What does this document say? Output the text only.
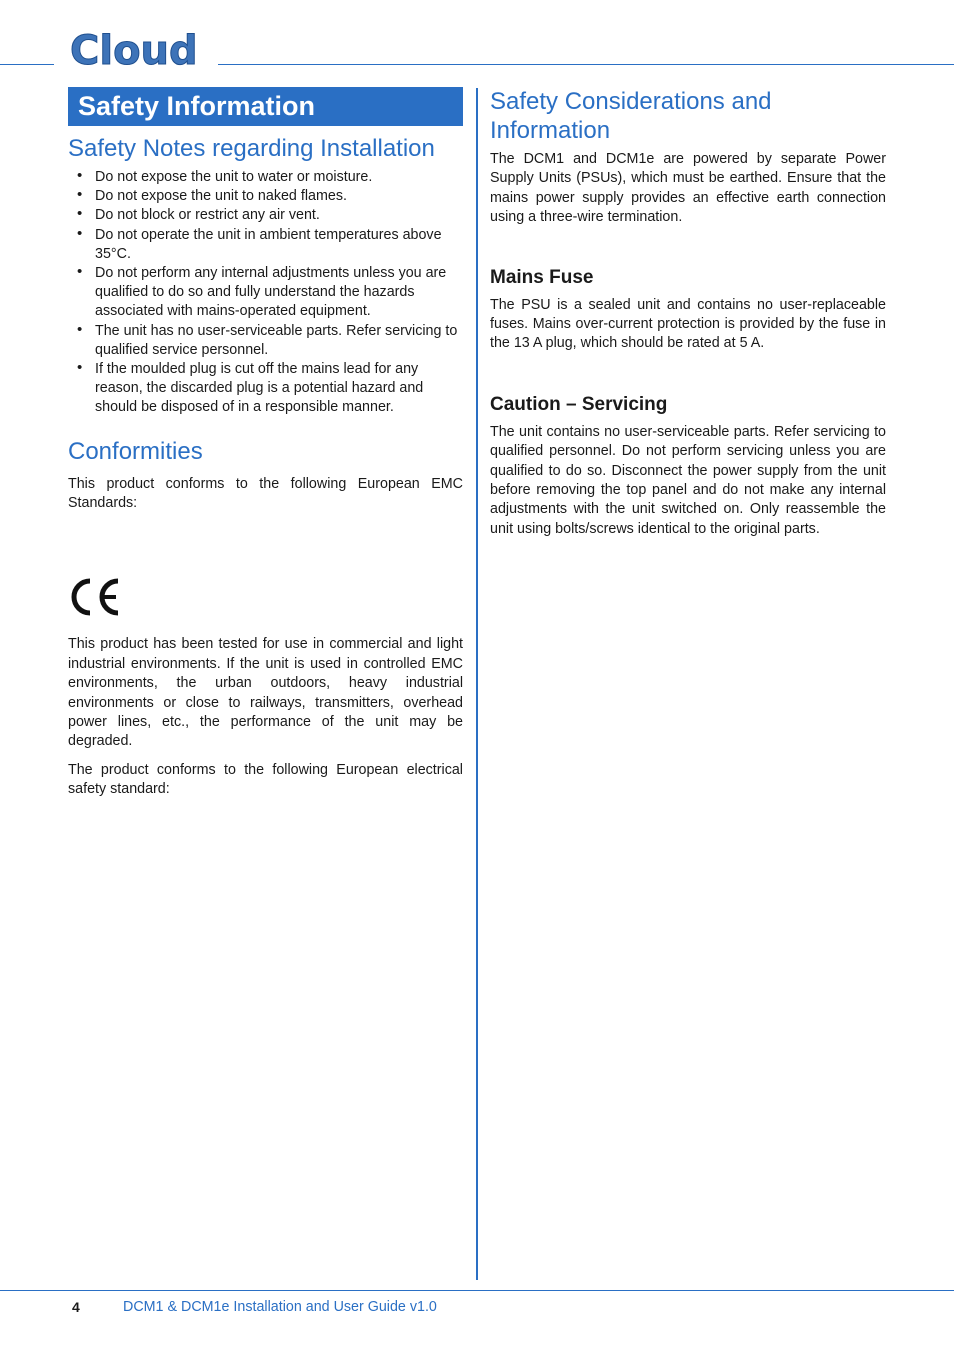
Cloud
Safety Information
Safety Notes regarding Installation
• Do not expose the unit to water or moisture.
• Do not expose the unit to naked flames.
• Do not block or restrict any air vent.
• Do not operate the unit in ambient temperatures above 35°C.
• Do not perform any internal adjustments unless you are qualified to do so and fully understand the hazards associated with mains-operated equipment.
• The unit has no user-serviceable parts. Refer servicing to qualified service personnel.
• If the moulded plug is cut off the mains lead for any reason, the discarded plug is a potential hazard and should be disposed of in a responsible manner.
Conformities

This product conforms to the following European EMC Standards:

This product has been tested for use in commercial and light industrial environments. If the unit is used in controlled EMC environments, the urban outdoors, heavy industrial environments or close to railways, transmitters, overhead power lines, etc., the performance of the unit may be degraded.

The product conforms to the following European electrical safety standard:

Safety Considerations and Information

The DCM1 and DCM1e are powered by separate Power Supply Units (PSUs), which must be earthed. Ensure that the mains power supply provides an effective earth connection using a three-wire termination.

Mains Fuse

The PSU is a sealed unit and contains no user-replaceable fuses. Mains over-current protection is provided by the fuse in the 13 A plug, which should be rated at 5 A.

Caution – Servicing

The unit contains no user-serviceable parts. Refer servicing to qualified personnel. Do not perform servicing unless you are qualified to do so. Disconnect the power supply from the unit before removing the top panel and do not make any internal adjustments with the unit switched on. Only reassemble the unit using bolts/screws identical to the original parts.

4	DCM1 & DCM1e Installation and User Guide v1.0
